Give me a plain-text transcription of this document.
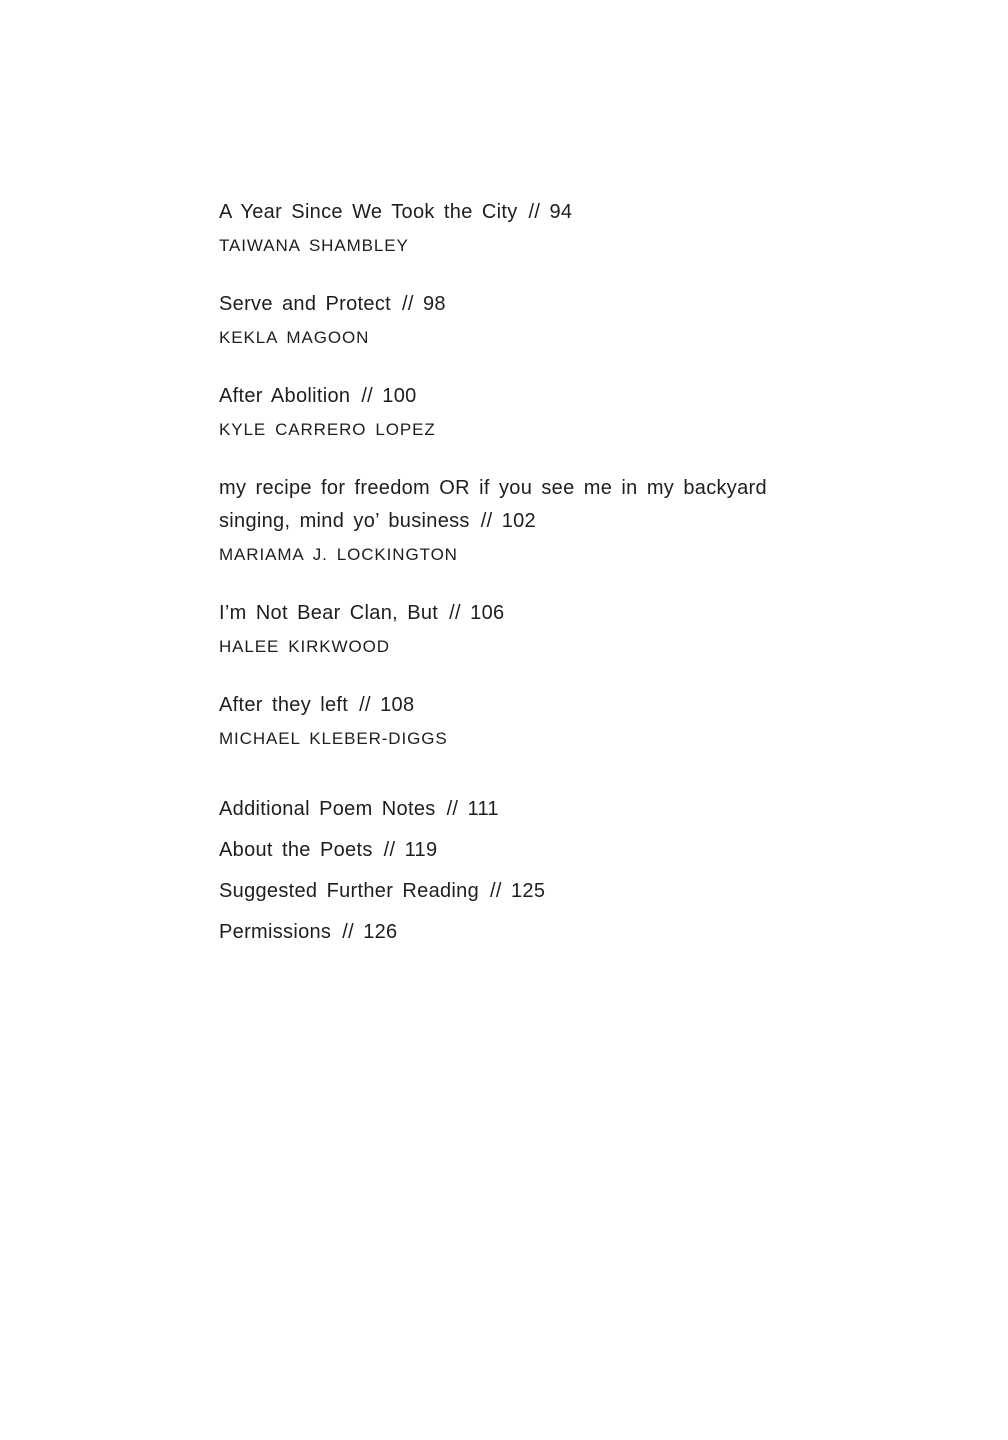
A Year Since We Took the City // 94
TAIWANA SHAMBLEY
Serve and Protect // 98
KEKLA MAGOON
After Abolition // 100
KYLE CARRERO LOPEZ
my recipe for freedom OR if you see me in my backyard
singing, mind yo’ business // 102
MARIAMA J. LOCKINGTON
I’m Not Bear Clan, But // 106
HALEE KIRKWOOD
After they left // 108
MICHAEL KLEBER-DIGGS
Additional Poem Notes // 111
About the Poets // 119
Suggested Further Reading // 125
Permissions // 126
